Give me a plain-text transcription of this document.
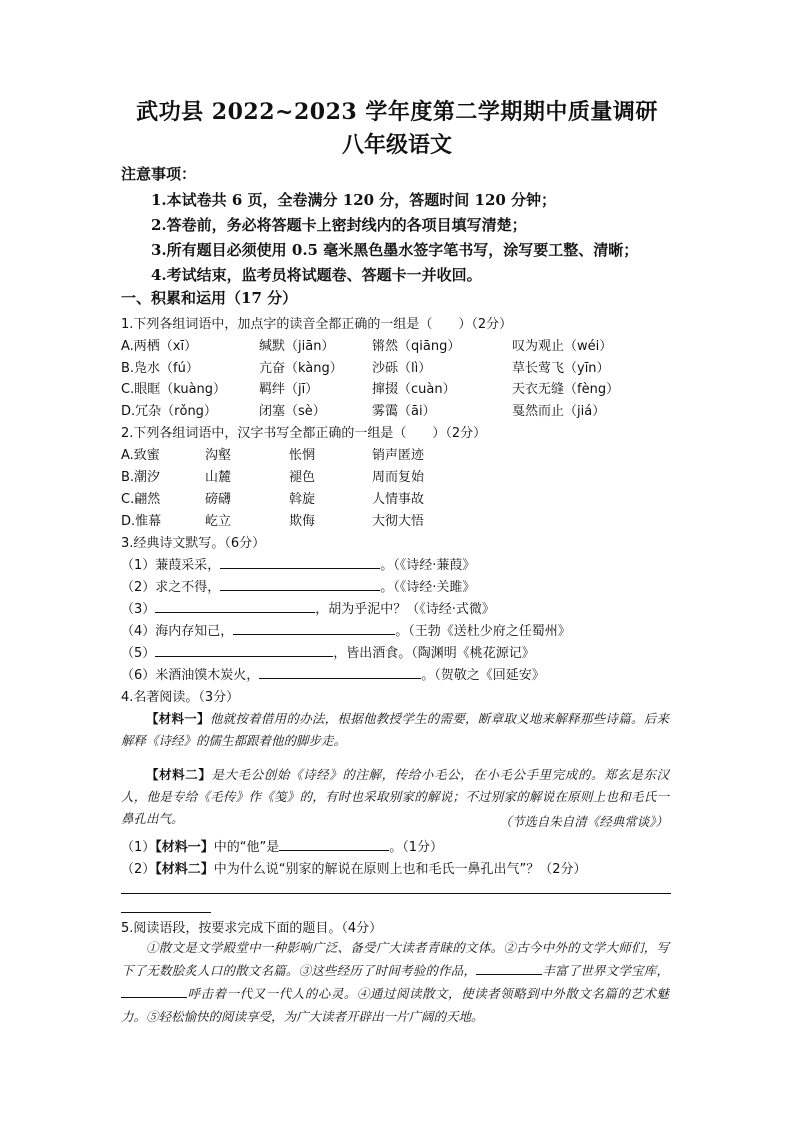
武功县 2022~2023 学年度第二学期期中质量调研
八年级语文
注意事项：
1.本试卷共 6 页，全卷满分 120 分，答题时间 120 分钟；
2.答卷前，务必将答题卡上密封线内的各项目填写清楚；
3.所有题目必须使用 0.5 毫米黑色墨水签字笔书写，涂写要工整、清晰；
4.考试结束，监考员将试题卷、答题卡一并收回。
一、积累和运用（17 分）
1.下列各组词语中，加点字的读音全都正确的一组是（　　）（2分）
A.两栖（xī）	缄默（jiān）	锵然（qiāng）	叹为观止（wéi）
B.凫水（fú）	亢奋（kàng） 沙砾（lì）	草长莺飞（yīn）
C.眼眶（kuàng）	羁绊（jī）	撺掇（cuàn）	天衣无缝（fèng）
D.冗杂（rǒng）	闭塞（sè）	雾霭（āi）	戛然而止（jiá）
2.下列各组词语中，汉字书写全都正确的一组是（　　）（2分）
A.致蜜	沟壑	怅惘	销声匿迹
B.潮汐	山麓	褪色	周而复始
C.翩然	磅礴	斡旋	人情事故
D.惟幕	屹立	欺侮	大彻大悟
3.经典诗文默写。（6分）
（1）蒹葭采采，	。（《诗经·蒹葭》
（2）求之不得，	。（《诗经·关雎》
（3）	，胡为乎泥中？（《诗经·式微》
（4）海内存知己，	。（王勃《送杜少府之任蜀州》
（5）	，皆出酒食。（陶渊明《桃花源记》
（6）米酒油馍木炭火，	。（贺敬之《回延安》
4.名著阅读。（3分）

【材料一】他就按着借用的办法，根据他教授学生的需要，断章取义地来解释那些诗篇。后来解释《诗经》的儒生都跟着他的脚步走。

【材料二】是大毛公创始《诗经》的注解，传给小毛公，在小毛公手里完成的。郑玄是东汉人，他是专给《毛传》作《笺》的，有时也采取别家的解说；不过别家的解说在原则上也和毛氏一鼻孔出气。	（节选自朱自清《经典常谈》）
（1）【材料一】中的“他”是	。（1分）
（2）【材料二】中为什么说“别家的解说在原则上也和毛氏一鼻孔出气”？（2分）
5.阅读语段，按要求完成下面的题目。（4分）

①散文是文学殿堂中一种影响广泛、备受广大读者青睐的文体。②古今中外的文学大师们，写下了无数脍炙人口的散文名篇。③这些经历了时间考验的作品，	丰富了世界文学宝库，呼击着一代又一代人的心灵。④通过阅读散文，使读者领略到中外散文名篇的艺术魅力。⑤轻松愉快的阅读享受，为广大读者开辟出一片广阔的天地。
